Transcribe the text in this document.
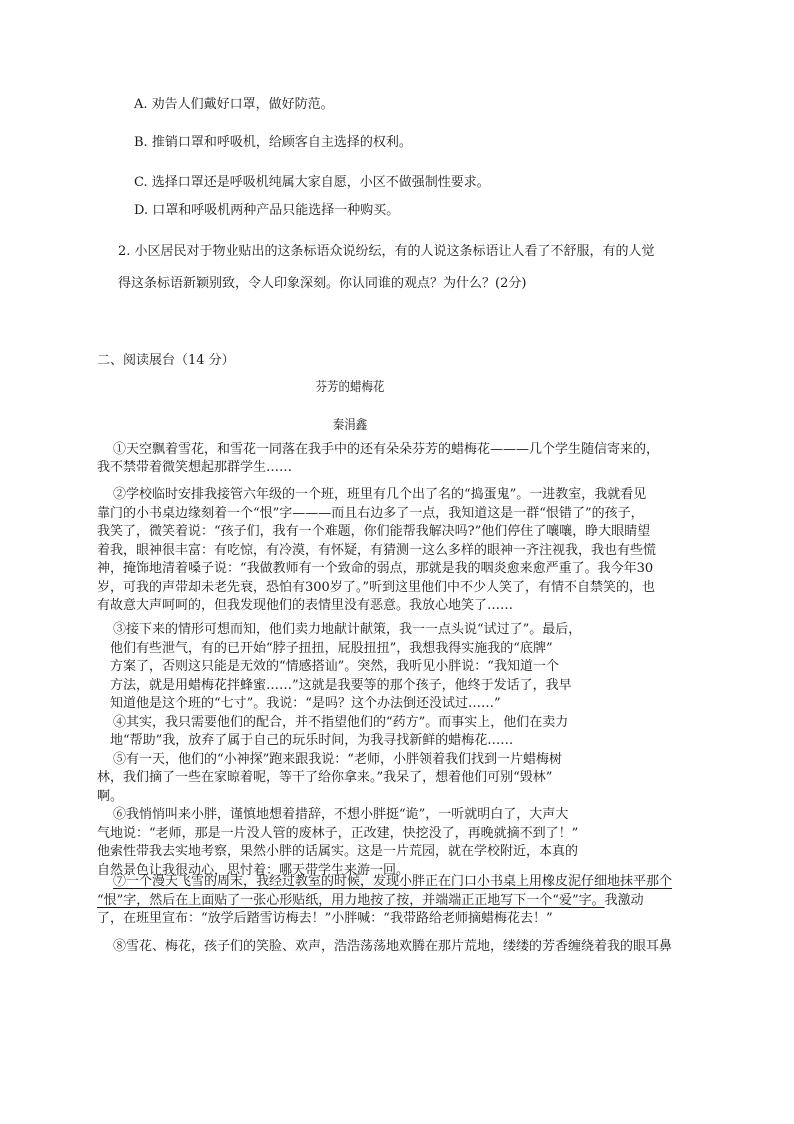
A. 劝告人们戴好口罩，做好防范。
B. 推销口罩和呼吸机，给顾客自主选择的权利。
C. 选择口罩还是呼吸机纯属大家自愿，小区不做强制性要求。
D. 口罩和呼吸机两种产品只能选择一种购买。
2. 小区居民对于物业贴出的这条标语众说纷纭，有的人说这条标语让人看了不舒服，有的人觉
得这条标语新颖别致，令人印象深刻。你认同谁的观点？为什么？(2分)
二、阅读展台（14 分）
芬芳的蜡梅花
秦涓鑫
①天空飘着雪花，和雪花一同落在我手中的还有朵朵芬芳的蜡梅花———几个学生随信寄来的，
我不禁带着微笑想起那群学生……
②学校临时安排我接管六年级的一个班，班里有几个出了名的“捣蛋鬼”。一进教室，我就看见
靠门的小书桌边缘刻着一个“恨”字———而且右边多了一点，我知道这是一群“恨错了”的孩子，
我笑了，微笑着说：“孩子们，我有一个难题，你们能帮我解决吗?”他们停住了嚷嚷，睁大眼睛望
着我，眼神很丰富：有吃惊，有冷漠，有怀疑，有猜测一这么多样的眼神一齐注视我，我也有些慌
神，掩饰地清着嗓子说：“我做教师有一个致命的弱点，那就是我的咽炎愈来愈严重了。我今年30
岁，可我的声带却未老先衰，恐怕有300岁了。”听到这里他们中不少人笑了，有情不自禁笑的，也
有故意大声呵呵的，但我发现他们的表情里没有恶意。我放心地笑了……
③接下来的情形可想而知，他们卖力地献计献策，我一一点头说“试过了”。最后，
他们有些泄气，有的已开始“脖子扭扭，屁股扭扭”，我想我得实施我的“底牌”
方案了，否则这只能是无效的“情感搭讪”。突然，我听见小胖说：“我知道一个
方法，就是用蜡梅花拌蜂蜜……”这就是我要等的那个孩子，他终于发话了，我早
知道他是这个班的“七寸”。我说：“是吗？这个办法倒还没试过……”
④其实，我只需要他们的配合，并不指望他们的“药方”。而事实上，他们在卖力
地“帮助”我，放弃了属于自己的玩乐时间，为我寻找新鲜的蜡梅花……
⑤有一天，他们的“小神探”跑来跟我说：“老师，小胖领着我们找到一片蜡梅树
林，我们摘了一些在家晾着呢，等干了给你拿来。”我呆了，想着他们可别“毁林”
啊。
⑥我悄悄叫来小胖，谨慎地想着措辞，不想小胖挺“诡”，一听就明白了，大声大
气地说：“老师，那是一片没人管的废林子，正改建，快挖没了，再晚就摘不到了！”
他索性带我去实地考察，果然小胖的话属实。这是一片荒园，就在学校附近，本真的
自然景色让我很动心，思忖着：哪天带学生来游一回。
⑦一个漫天飞雪的周末，我经过教室的时候，发现小胖正在门口小书桌上用橡皮泥仔细地抹平那个
“恨”字，然后在上面贴了一张心形贴纸，用力地按了按，并端端正正地写下一个“爱”字。我激动
了，在班里宣布：“放学后踏雪访梅去！”小胖喊：“我带路给老师摘蜡梅花去！”
⑧雪花、梅花，孩子们的笑脸、欢声，浩浩荡荡地欢腾在那片荒地，缕缕的芳香缠绕着我的眼耳鼻
